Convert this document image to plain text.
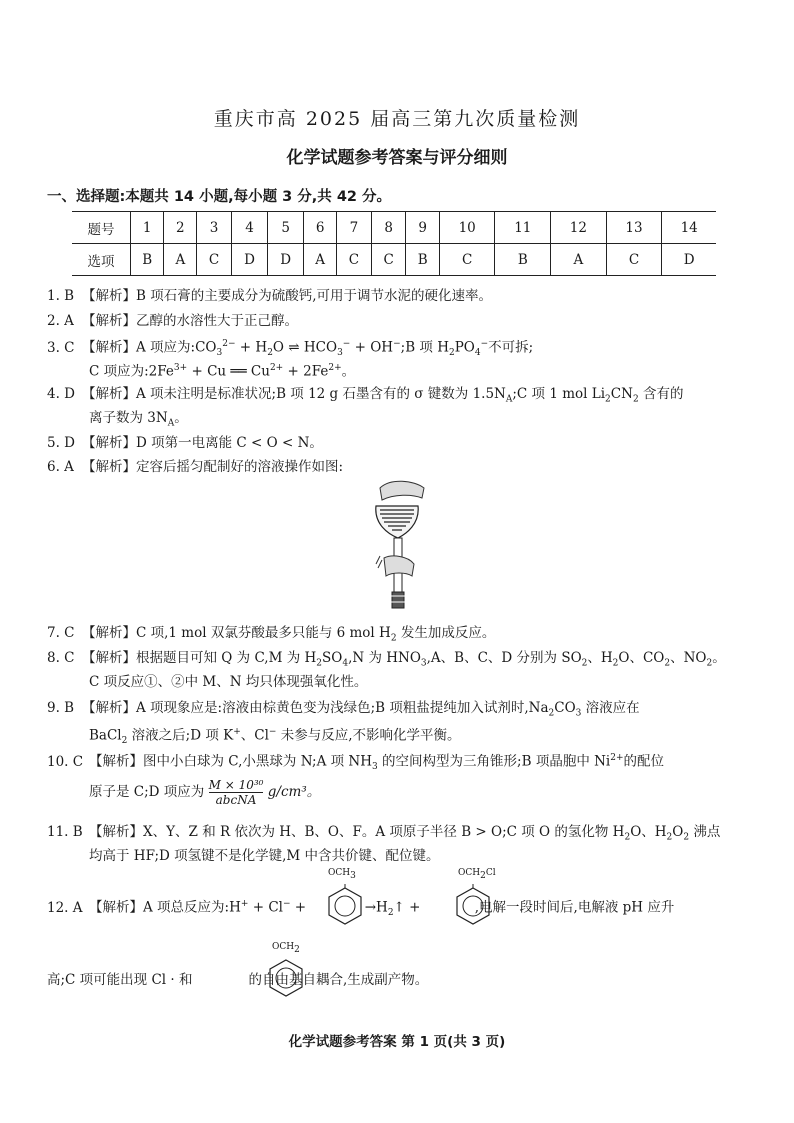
重庆市高 2025 届高三第九次质量检测
化学试题参考答案与评分细则
一、选择题:本题共 14 小题,每小题 3 分,共 42 分。
题号	1	2	3	4	5	6	7	8	9	10	11	12	13	14
选项	B	A	C	D	D	A	C	C	B	C	B	A	C	D
1. B 【解析】B 项石膏的主要成分为硫酸钙,可用于调节水泥的硬化速率。
2. A 【解析】乙醇的水溶性大于正己醇。
3. C 【解析】A 项应为$:CO_3^{2-} + H_2O$ ⇌ $HCO_3^-$ + OH−;B 项 $H_2PO_4^-$不可拆;
C 项应为$:2Fe^{3+} + Cu$ ══ $Cu^{2+} + 2Fe^{2+}$。
4. D 【解析】A 项未注明是标准状况;B 项 12 g 石墨含有的 σ 键数为 $1.5N_A;C$ 项 1 mol $Li_2CN_2$ 含有的
离子数为 $3N_A$。
5. D 【解析】D 项第一电离能 C < O < N。
6. A 【解析】定容后摇匀配制好的溶液操作如图:
7. C 【解析】C 项,1 mol 双氯芬酸最多只能与 6 mol $H_2$ 发生加成反应。
8. C 【解析】根据题目可知 Q 为 C,M 为 $H_2SO_4,N$ 为 $HNO_3,A$、B、C、D 分别为 $SO_2$、$H_2O$、$CO_2$、$NO_2$。
C 项反应①、②中 M、N 均只体现强氧化性。
9. B 【解析】A 项现象应是:溶液由棕黄色变为浅绿色;B 项粗盐提纯加入试剂时$,Na_2CO_3$ 溶液应在
BaCl$_2$ 溶液之后;D 项 K+、Cl− 未参与反应,不影响化学平衡。
10. C 【解析】图中小白球为 C,小黑球为 N;A 项 $NH_3$ 的空间构型为三角锥形;B 项晶胞中 $Ni^{2+}$的配位
原子是 C;D 项应为 $\frac{\text{M × 10³⁰}}{\text{abcNA}} g/cm^3$。
11. B 【解析】X、Y、Z 和 R 依次为 H、B、O、F。A 项原子半径 B > O;C 项 O 的氢化物 $H_2O$、$H_2O_2$ 沸点
均高于 HF;D 项氢键不是化学键,M 中含共价键、配位键。
12. A 【解析】A 项总反应为:H+ + Cl− +	$\to H_2↑$ +	,电解一段时间后,电解液 pH 应升
$OCH_3$	$OCH_2Cl$
$OCH_2$
高;C 项可能出现 Cl · 和	的自由基自耦合,生成副产物。
化学试题参考答案 第 1 页(共 3 页)
